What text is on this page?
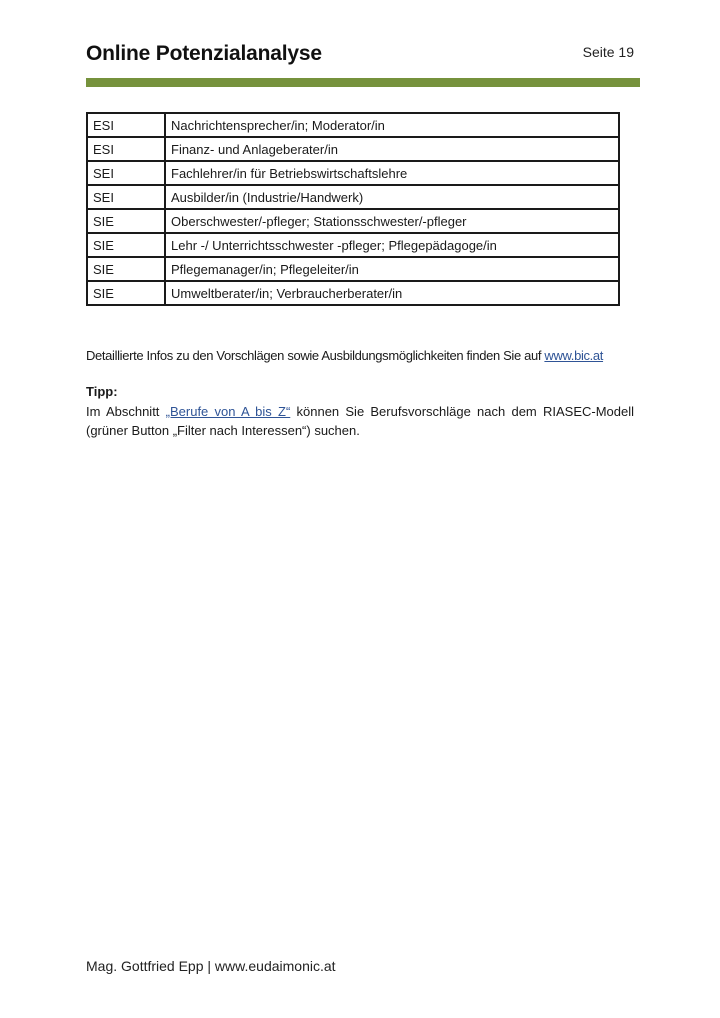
Online Potenzialanalyse	Seite 19
ESI	Nachrichtensprecher/in; Moderator/in
ESI	Finanz- und Anlageberater/in
SEI	Fachlehrer/in für Betriebswirtschaftslehre
SEI	Ausbilder/in (Industrie/Handwerk)
SIE	Oberschwester/-pfleger; Stationsschwester/-pfleger
SIE	Lehr -/ Unterrichtsschwester -pfleger; Pflegepädagoge/in
SIE	Pflegemanager/in; Pflegeleiter/in
SIE	Umweltberater/in; Verbraucherberater/in

Detaillierte Infos zu den Vorschlägen sowie Ausbildungsmöglichkeiten finden Sie auf www.bic.at

Tipp:

Im Abschnitt „Berufe von A bis Z“ können Sie Berufsvorschläge nach dem RIASEC-Modell (grüner Button „Filter nach Interessen“) suchen.

Mag. Gottfried Epp | www.eudaimonic.at
